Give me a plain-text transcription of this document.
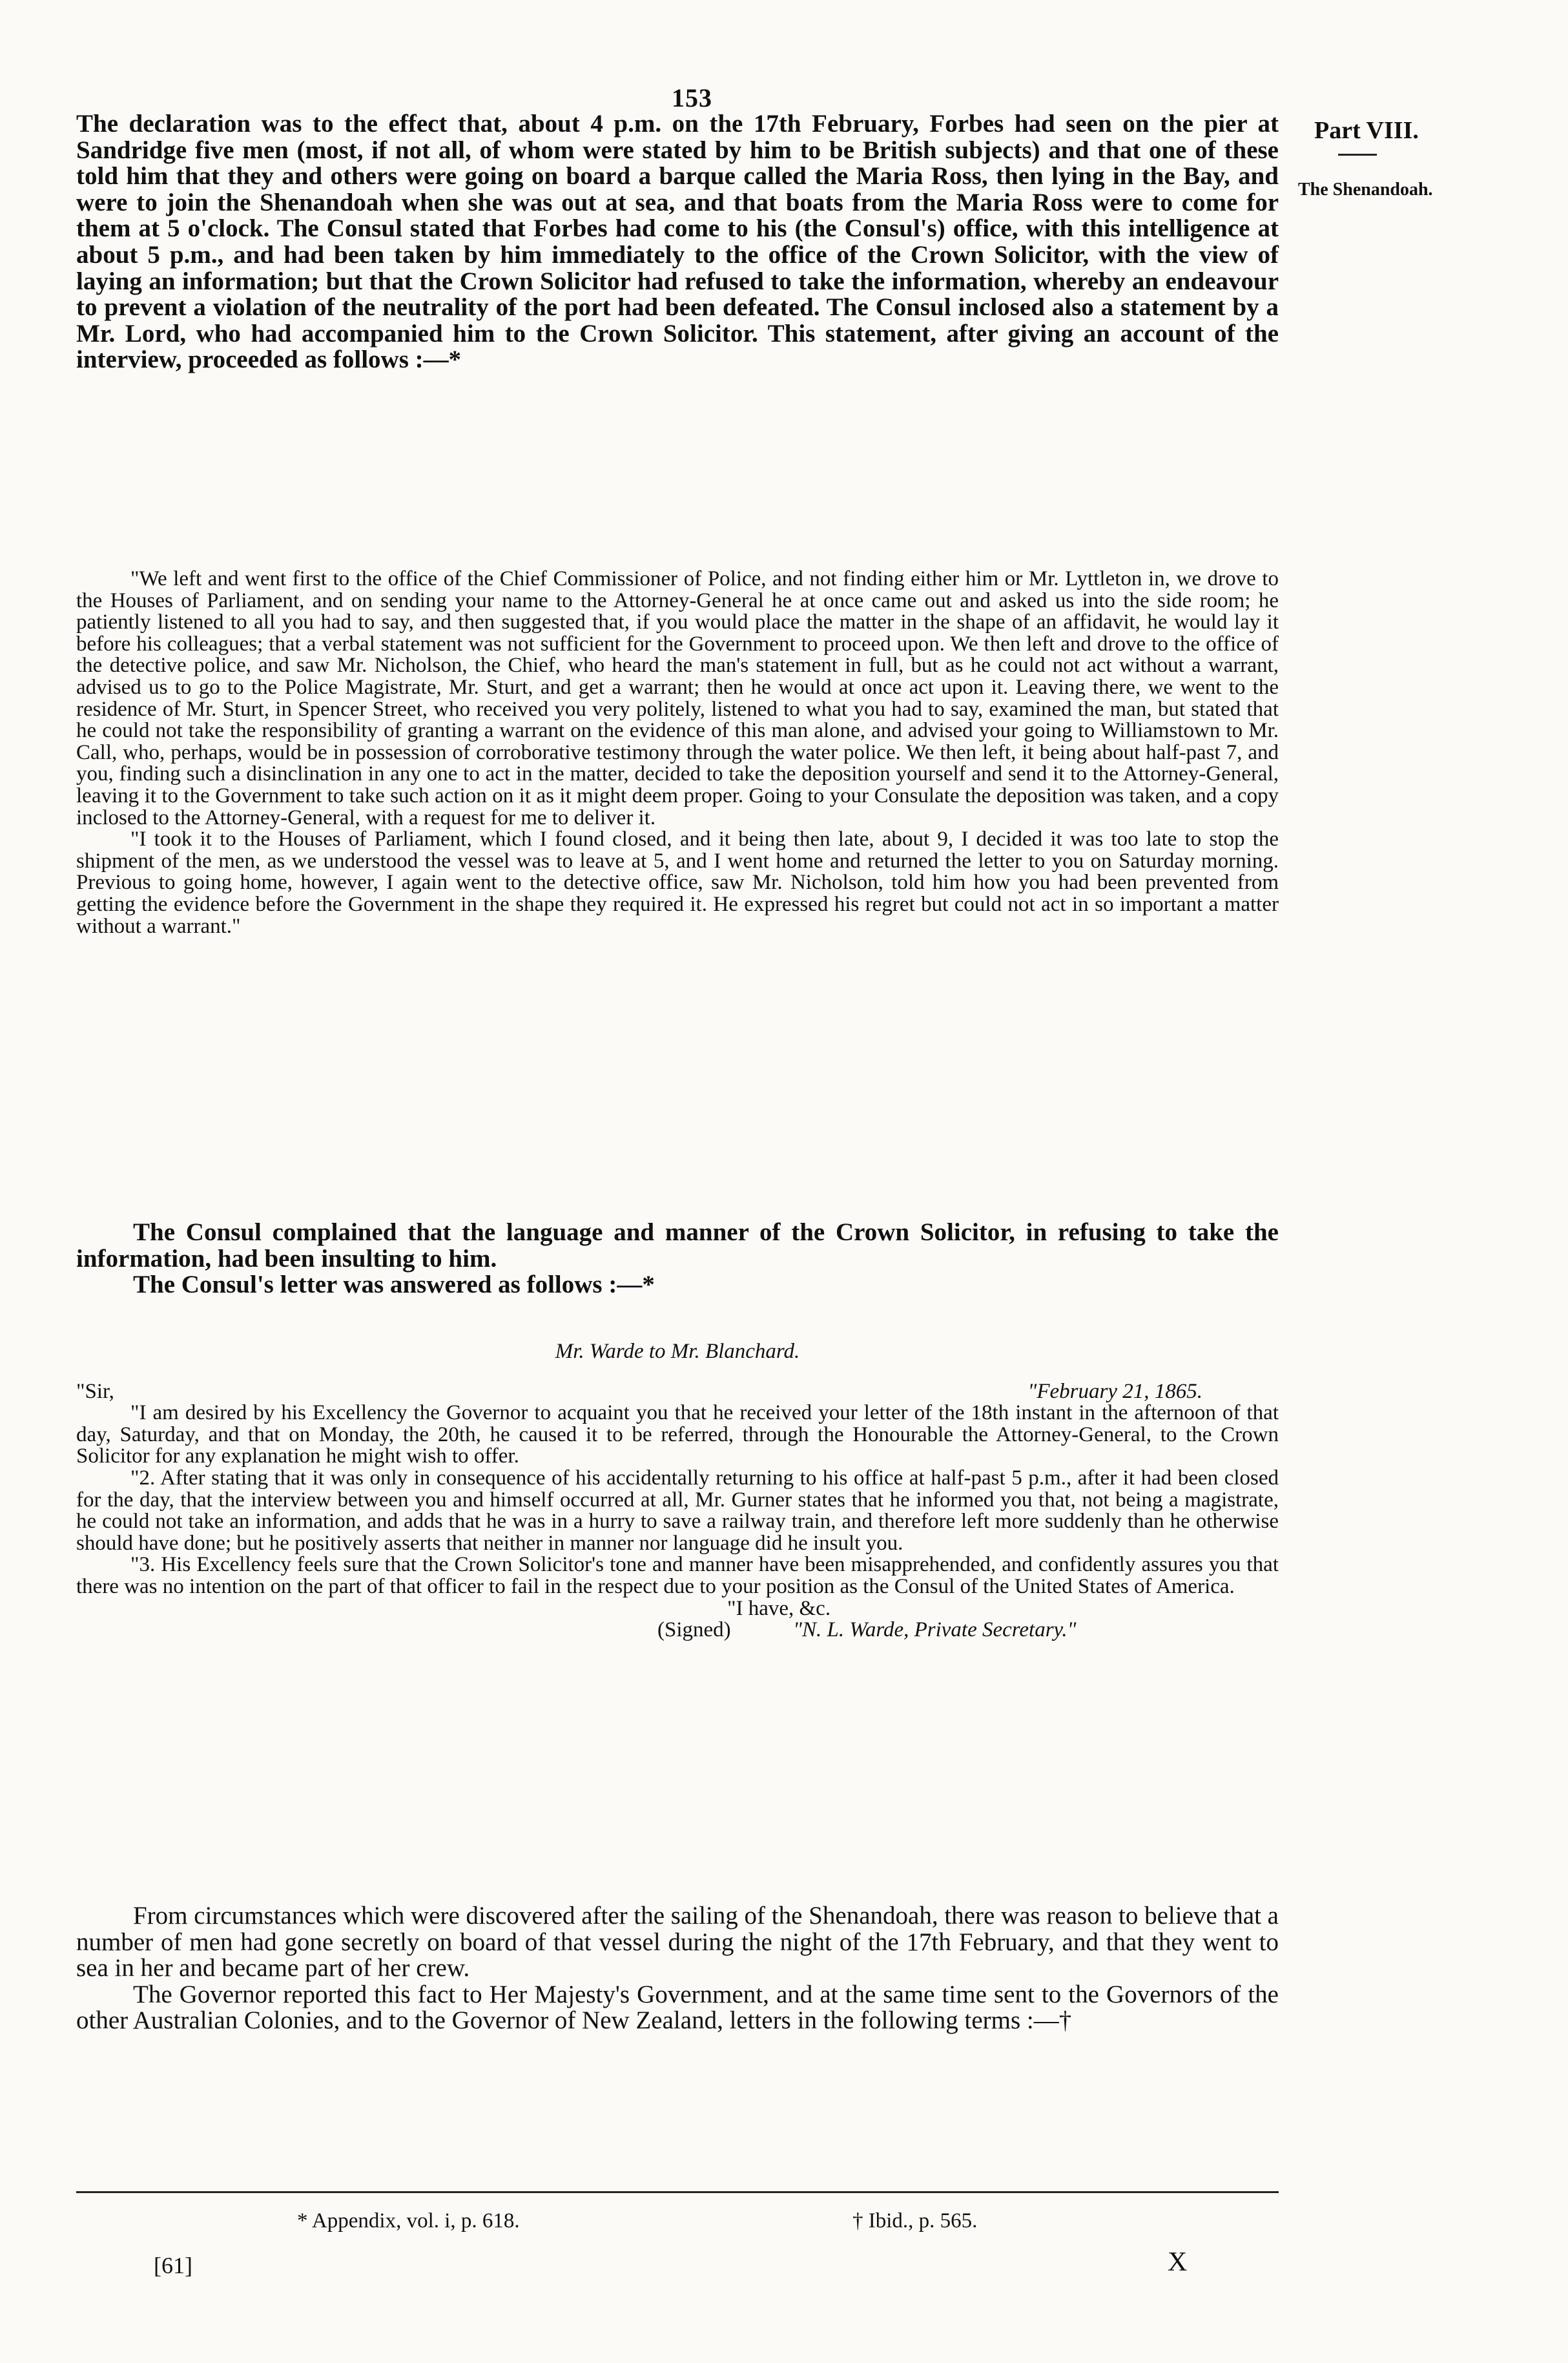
153
Part VIII.
The Shenandoah.

The declaration was to the effect that, about 4 p.m. on the 17th February, Forbes had seen on the pier at Sandridge five men (most, if not all, of whom were stated by him to be British subjects) and that one of these told him that they and others were going on board a barque called the Maria Ross, then lying in the Bay, and were to join the Shenandoah when she was out at sea, and that boats from the Maria Ross were to come for them at 5 o'clock. The Consul stated that Forbes had come to his (the Consul's) office, with this intelligence at about 5 p.m., and had been taken by him immediately to the office of the Crown Solicitor, with the view of laying an information; but that the Crown Solicitor had refused to take the information, whereby an endeavour to prevent a violation of the neutrality of the port had been defeated. The Consul inclosed also a statement by a Mr. Lord, who had accompanied him to the Crown Solicitor. This statement, after giving an account of the interview, proceeded as follows :—*

"We left and went first to the office of the Chief Commissioner of Police, and not finding either him or Mr. Lyttleton in, we drove to the Houses of Parliament, and on sending your name to the Attorney-General he at once came out and asked us into the side room; he patiently listened to all you had to say, and then suggested that, if you would place the matter in the shape of an affidavit, he would lay it before his colleagues; that a verbal statement was not sufficient for the Government to proceed upon. We then left and drove to the office of the detective police, and saw Mr. Nicholson, the Chief, who heard the man's statement in full, but as he could not act without a warrant, advised us to go to the Police Magistrate, Mr. Sturt, and get a warrant; then he would at once act upon it. Leaving there, we went to the residence of Mr. Sturt, in Spencer Street, who received you very politely, listened to what you had to say, examined the man, but stated that he could not take the responsibility of granting a warrant on the evidence of this man alone, and advised your going to Williamstown to Mr. Call, who, perhaps, would be in possession of corroborative testimony through the water police. We then left, it being about half-past 7, and you, finding such a disinclination in any one to act in the matter, decided to take the deposition yourself and send it to the Attorney-General, leaving it to the Government to take such action on it as it might deem proper. Going to your Consulate the deposition was taken, and a copy inclosed to the Attorney-General, with a request for me to deliver it.

"I took it to the Houses of Parliament, which I found closed, and it being then late, about 9, I decided it was too late to stop the shipment of the men, as we understood the vessel was to leave at 5, and I went home and returned the letter to you on Saturday morning. Previous to going home, however, I again went to the detective office, saw Mr. Nicholson, told him how you had been prevented from getting the evidence before the Government in the shape they required it. He expressed his regret but could not act in so important a matter without a warrant."

The Consul complained that the language and manner of the Crown Solicitor, in refusing to take the information, had been insulting to him.

The Consul's letter was answered as follows :—*

Mr. Warde to Mr. Blanchard.

"Sir,	"February 21, 1865.

"I am desired by his Excellency the Governor to acquaint you that he received your letter of the 18th instant in the afternoon of that day, Saturday, and that on Monday, the 20th, he caused it to be referred, through the Honourable the Attorney-General, to the Crown Solicitor for any explanation he might wish to offer.

"2. After stating that it was only in consequence of his accidentally returning to his office at half-past 5 p.m., after it had been closed for the day, that the interview between you and himself occurred at all, Mr. Gurner states that he informed you that, not being a magistrate, he could not take an information, and adds that he was in a hurry to save a railway train, and therefore left more suddenly than he otherwise should have done; but he positively asserts that neither in manner nor language did he insult you.

"3. His Excellency feels sure that the Crown Solicitor's tone and manner have been misapprehended, and confidently assures you that there was no intention on the part of that officer to fail in the respect due to your position as the Consul of the United States of America.

"I have, &c.

(Signed)	"N. L. Warde, Private Secretary."

From circumstances which were discovered after the sailing of the Shenandoah, there was reason to believe that a number of men had gone secretly on board of that vessel during the night of the 17th February, and that they went to sea in her and became part of her crew.

The Governor reported this fact to Her Majesty's Government, and at the same time sent to the Governors of the other Australian Colonies, and to the Governor of New Zealand, letters in the following terms :—†

* Appendix, vol. i, p. 618.	† Ibid., p. 565.
[61]	X
